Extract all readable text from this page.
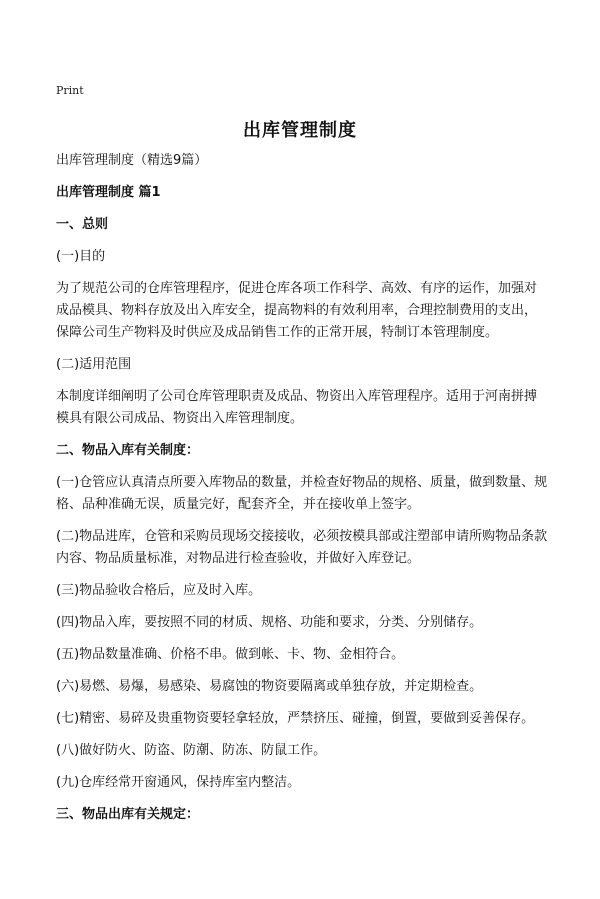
Print
出库管理制度

出库管理制度（精选9篇）

出库管理制度 篇1

一、总则

(一)目的

为了规范公司的仓库管理程序，促进仓库各项工作科学、高效、有序的运作，加强对成品模具、物料存放及出入库安全，提高物料的有效利用率，合理控制费用的支出，保障公司生产物料及时供应及成品销售工作的正常开展，特制订本管理制度。

(二)适用范围

本制度详细阐明了公司仓库管理职责及成品、物资出入库管理程序。适用于河南拼搏模具有限公司成品、物资出入库管理制度。

二、物品入库有关制度：

(一)仓管应认真清点所要入库物品的数量，并检查好物品的规格、质量，做到数量、规格、品种准确无误，质量完好，配套齐全，并在接收单上签字。

(二)物品进库，仓管和采购员现场交接接收，必须按模具部或注塑部申请所购物品条款内容、物品质量标准，对物品进行检查验收，并做好入库登记。

(三)物品验收合格后，应及时入库。

(四)物品入库，要按照不同的材质、规格、功能和要求，分类、分别储存。

(五)物品数量准确、价格不串。做到帐、卡、物、金相符合。

(六)易燃、易爆，易感染、易腐蚀的物资要隔离或单独存放，并定期检查。

(七)精密、易碎及贵重物资要轻拿轻放，严禁挤压、碰撞，倒置，要做到妥善保存。

(八)做好防火、防盗、防潮、防冻、防鼠工作。

(九)仓库经常开窗通风，保持库室内整洁。

三、物品出库有关规定：
